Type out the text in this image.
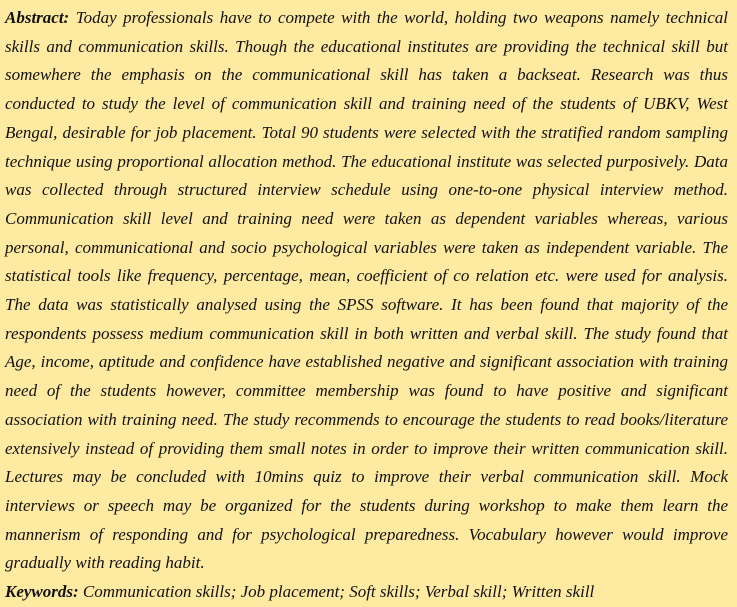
Abstract: Today professionals have to compete with the world, holding two weapons namely technical skills and communication skills. Though the educational institutes are providing the technical skill but somewhere the emphasis on the communicational skill has taken a backseat. Research was thus conducted to study the level of communication skill and training need of the students of UBKV, West Bengal, desirable for job placement. Total 90 students were selected with the stratified random sampling technique using proportional allocation method. The educational institute was selected purposively. Data was collected through structured interview schedule using one-to-one physical interview method. Communication skill level and training need were taken as dependent variables whereas, various personal, communicational and socio psychological variables were taken as independent variable. The statistical tools like frequency, percentage, mean, coefficient of co relation etc. were used for analysis. The data was statistically analysed using the SPSS software. It has been found that majority of the respondents possess medium communication skill in both written and verbal skill. The study found that Age, income, aptitude and confidence have established negative and significant association with training need of the students however, committee membership was found to have positive and significant association with training need. The study recommends to encourage the students to read books/literature extensively instead of providing them small notes in order to improve their written communication skill. Lectures may be concluded with 10mins quiz to improve their verbal communication skill. Mock interviews or speech may be organized for the students during workshop to make them learn the mannerism of responding and for psychological preparedness. Vocabulary however would improve gradually with reading habit.

Keywords: Communication skills; Job placement; Soft skills; Verbal skill; Written skill
